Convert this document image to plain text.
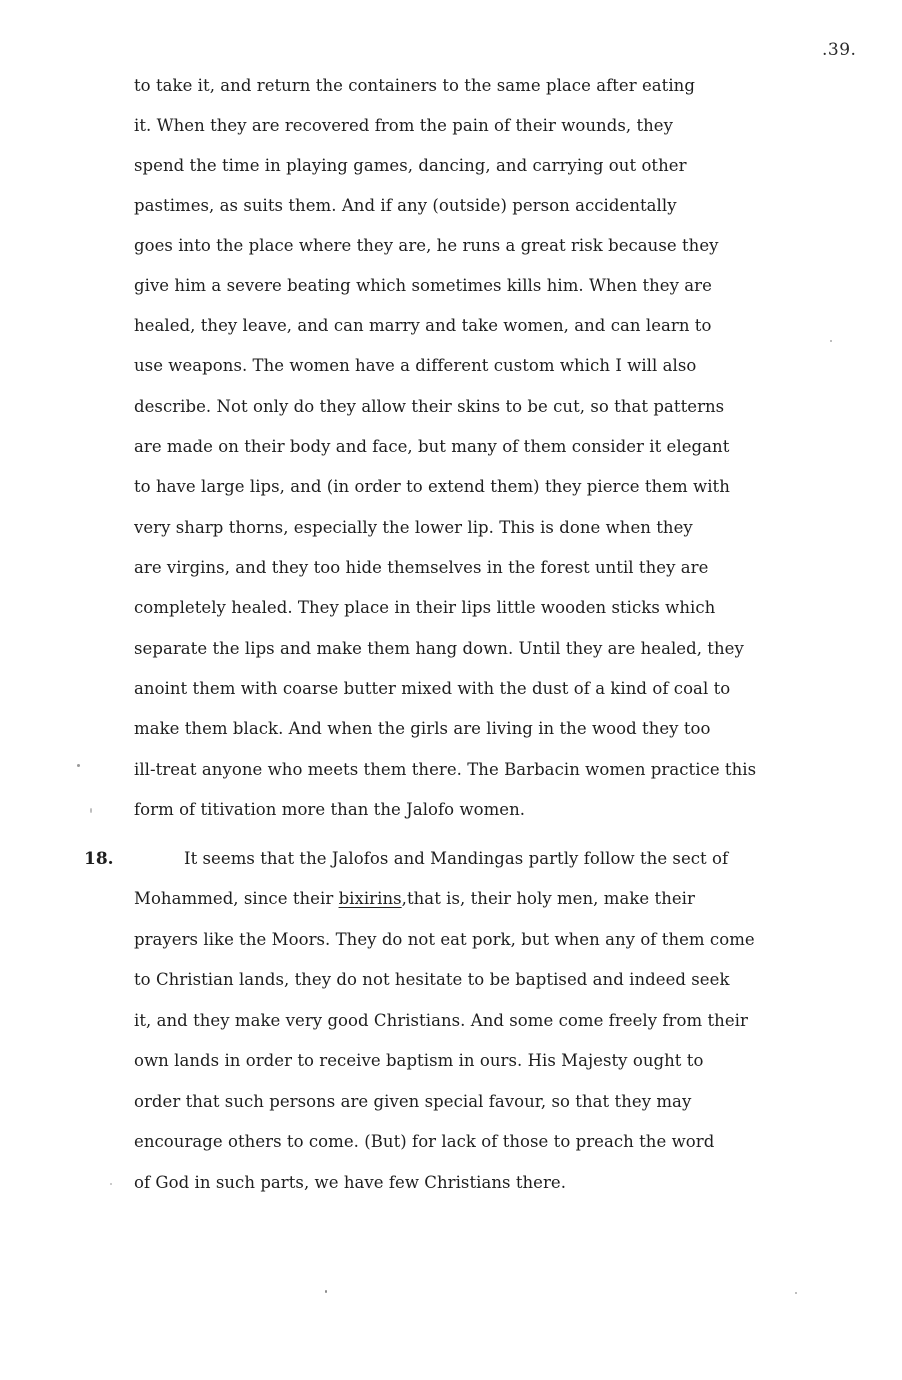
.39.
to take it, and return the containers to the same place after eating
it. When they are recovered from the pain of their wounds, they
spend the time in playing games, dancing, and carrying out other
pastimes, as suits them. And if any (outside) person accidentally
goes into the place where they are, he runs a great risk because they
give him a severe beating which sometimes kills him. When they are
healed, they leave, and can marry and take women, and can learn to
use weapons. The women have a different custom which I will also
describe. Not only do they allow their skins to be cut, so that patterns
are made on their body and face, but many of them consider it elegant
to have large lips, and (in order to extend them) they pierce them with
very sharp thorns, especially the lower lip. This is done when they
are virgins, and they too hide themselves in the forest until they are
completely healed. They place in their lips little wooden sticks which
separate the lips and make them hang down. Until they are healed, they
anoint them with coarse butter mixed with the dust of a kind of coal to
make them black. And when the girls are living in the wood they too
ill-treat anyone who meets them there. The Barbacin women practice this
form of titivation more than the Jalofo women.
18.	It seems that the Jalofos and Mandingas partly follow the sect of
Mohammed, since their bixirins,that is, their holy men, make their
prayers like the Moors. They do not eat pork, but when any of them come
to Christian lands, they do not hesitate to be baptised and indeed seek
it, and they make very good Christians. And some come freely from their
own lands in order to receive baptism in ours. His Majesty ought to
order that such persons are given special favour, so that they may
encourage others to come. (But) for lack of those to preach the word
of God in such parts, we have few Christians there.
